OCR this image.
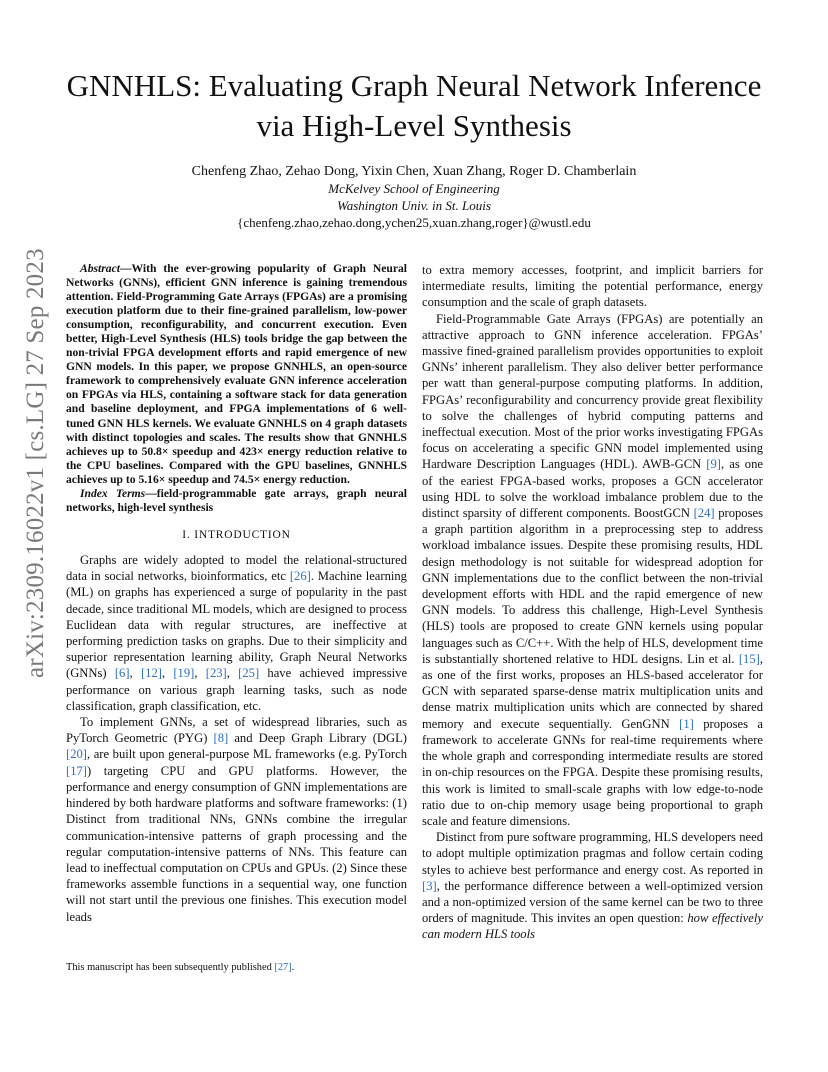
arXiv:2309.16022v1 [cs.LG] 27 Sep 2023
GNNHLS: Evaluating Graph Neural Network Inference via High-Level Synthesis
Chenfeng Zhao, Zehao Dong, Yixin Chen, Xuan Zhang, Roger D. Chamberlain
McKelvey School of Engineering
Washington Univ. in St. Louis
{chenfeng.zhao,zehao.dong,ychen25,xuan.zhang,roger}@wustl.edu

Abstract—With the ever-growing popularity of Graph Neural Networks (GNNs), efficient GNN inference is gaining tremendous attention. Field-Programming Gate Arrays (FPGAs) are a promising execution platform due to their fine-grained parallelism, low-power consumption, reconfigurability, and concurrent execution. Even better, High-Level Synthesis (HLS) tools bridge the gap between the non-trivial FPGA development efforts and rapid emergence of new GNN models. In this paper, we propose GNNHLS, an open-source framework to comprehensively evaluate GNN inference acceleration on FPGAs via HLS, containing a software stack for data generation and baseline deployment, and FPGA implementations of 6 well-tuned GNN HLS kernels. We evaluate GNNHLS on 4 graph datasets with distinct topologies and scales. The results show that GNNHLS achieves up to 50.8× speedup and 423× energy reduction relative to the CPU baselines. Compared with the GPU baselines, GNNHLS achieves up to 5.16× speedup and 74.5× energy reduction.

Index Terms—field-programmable gate arrays, graph neural networks, high-level synthesis

I. INTRODUCTION

Graphs are widely adopted to model the relational-structured data in social networks, bioinformatics, etc [26]. Machine learning (ML) on graphs has experienced a surge of popularity in the past decade, since traditional ML models, which are designed to process Euclidean data with regular structures, are ineffective at performing prediction tasks on graphs. Due to their simplicity and superior representation learning ability, Graph Neural Networks (GNNs) [6], [12], [19], [23], [25] have achieved impressive performance on various graph learning tasks, such as node classification, graph classification, etc.

To implement GNNs, a set of widespread libraries, such as PyTorch Geometric (PYG) [8] and Deep Graph Library (DGL) [20], are built upon general-purpose ML frameworks (e.g. PyTorch [17]) targeting CPU and GPU platforms. However, the performance and energy consumption of GNN implementations are hindered by both hardware platforms and software frameworks: (1) Distinct from traditional NNs, GNNs combine the irregular communication-intensive patterns of graph processing and the regular computation-intensive patterns of NNs. This feature can lead to ineffectual computation on CPUs and GPUs. (2) Since these frameworks assemble functions in a sequential way, one function will not start until the previous one finishes. This execution model leads

This manuscript has been subsequently published [27].

to extra memory accesses, footprint, and implicit barriers for intermediate results, limiting the potential performance, energy consumption and the scale of graph datasets.

Field-Programmable Gate Arrays (FPGAs) are potentially an attractive approach to GNN inference acceleration. FPGAs’ massive fined-grained parallelism provides opportunities to exploit GNNs’ inherent parallelism. They also deliver better performance per watt than general-purpose computing platforms. In addition, FPGAs’ reconfigurability and concurrency provide great flexibility to solve the challenges of hybrid computing patterns and ineffectual execution. Most of the prior works investigating FPGAs focus on accelerating a specific GNN model implemented using Hardware Description Languages (HDL). AWB-GCN [9], as one of the eariest FPGA-based works, proposes a GCN accelerator using HDL to solve the workload imbalance problem due to the distinct sparsity of different components. BoostGCN [24] proposes a graph partition algorithm in a preprocessing step to address workload imbalance issues. Despite these promising results, HDL design methodology is not suitable for widespread adoption for GNN implementations due to the conflict between the non-trivial development efforts with HDL and the rapid emergence of new GNN models. To address this challenge, High-Level Synthesis (HLS) tools are proposed to create GNN kernels using popular languages such as C/C++. With the help of HLS, development time is substantially shortened relative to HDL designs. Lin et al. [15], as one of the first works, proposes an HLS-based accelerator for GCN with separated sparse-dense matrix multiplication units and dense matrix multiplication units which are connected by shared memory and execute sequentially. GenGNN [1] proposes a framework to accelerate GNNs for real-time requirements where the whole graph and corresponding intermediate results are stored in on-chip resources on the FPGA. Despite these promising results, this work is limited to small-scale graphs with low edge-to-node ratio due to on-chip memory usage being proportional to graph scale and feature dimensions.

Distinct from pure software programming, HLS developers need to adopt multiple optimization pragmas and follow certain coding styles to achieve best performance and energy cost. As reported in [3], the performance difference between a well-optimized version and a non-optimized version of the same kernel can be two to three orders of magnitude. This invites an open question: how effectively can modern HLS tools
